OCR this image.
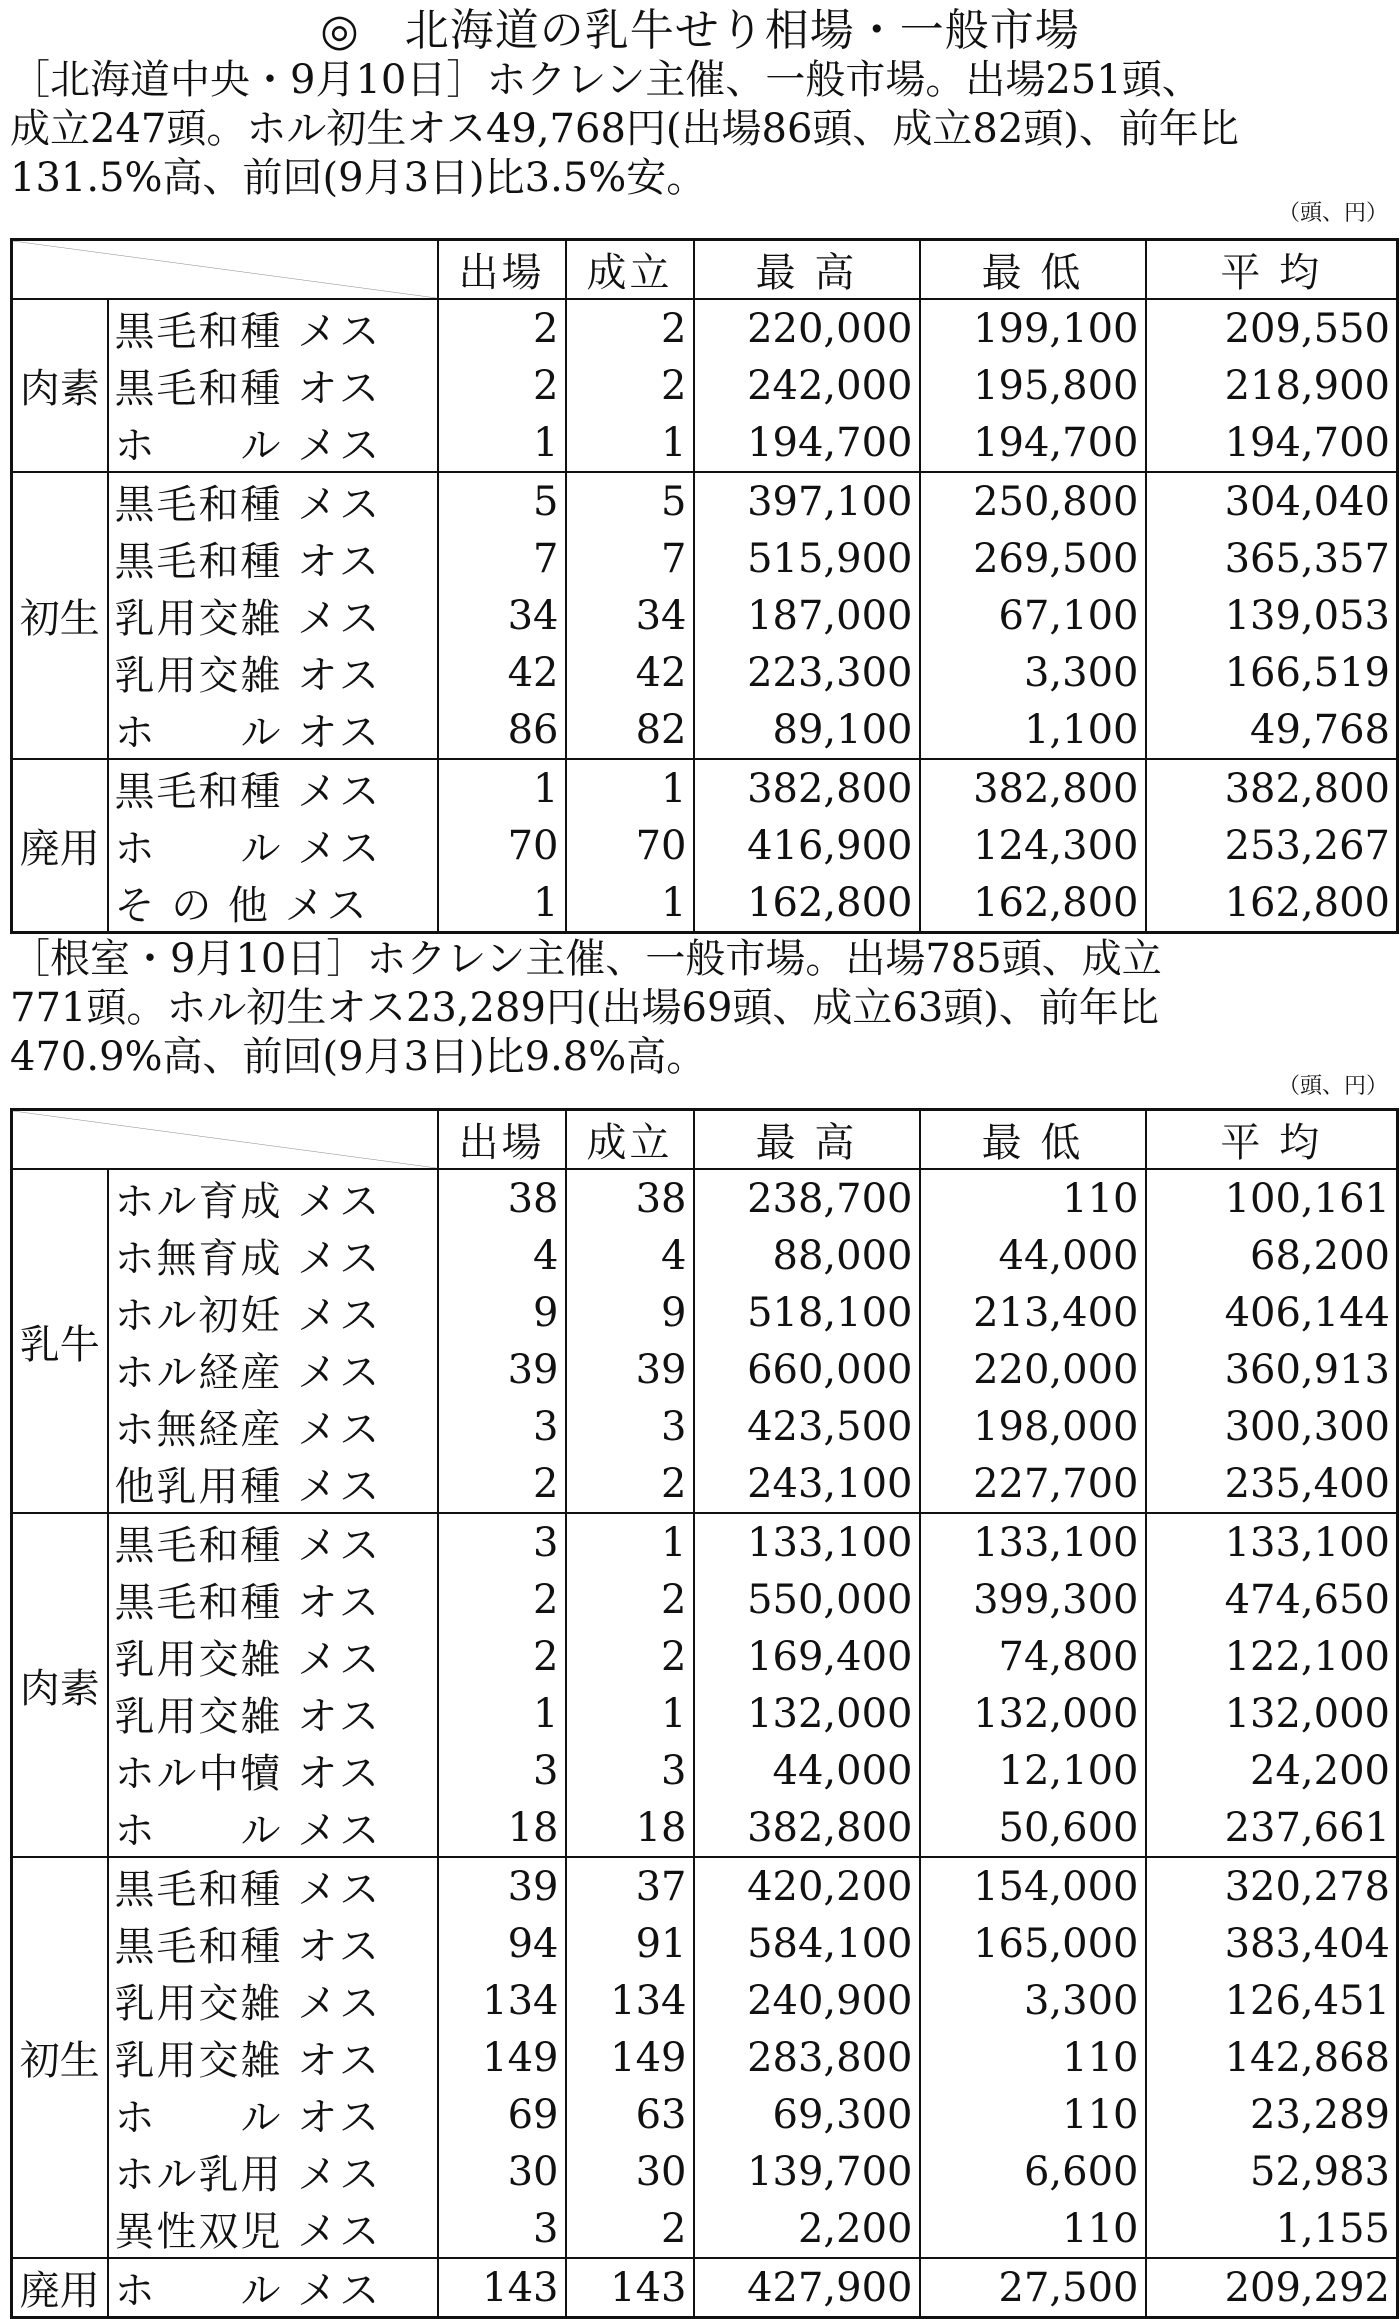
◎　北海道の乳牛せり相場・一般市場

［北海道中央・9月10日］ホクレン主催、一般市場。出場251頭、
成立247頭。ホル初生オス49,768円(出場86頭、成立82頭)、前年比
131.5%高、前回(9月3日)比3.5%安。

（頭、円）
	出場	成立	最 高	最 低	平 均
肉素	黒毛和種 メス	2	2	220,000	199,100	209,550
	黒毛和種 オス	2	2	242,000	195,800	218,900
	ホ　　ル メス	1	1	194,700	194,700	194,700
初生	黒毛和種 メス	5	5	397,100	250,800	304,040
	黒毛和種 オス	7	7	515,900	269,500	365,357
	乳用交雑 メス	34	34	187,000	67,100	139,053
	乳用交雑 オス	42	42	223,300	3,300	166,519
	ホ　　ル オス	86	82	89,100	1,100	49,768
廃用	黒毛和種 メス	1	1	382,800	382,800	382,800
	ホ　　ル メス	70	70	416,900	124,300	253,267
	そ の 他 メス	1	1	162,800	162,800	162,800

［根室・9月10日］ホクレン主催、一般市場。出場785頭、成立
771頭。ホル初生オス23,289円(出場69頭、成立63頭)、前年比
470.9%高、前回(9月3日)比9.8%高。

（頭、円）
	出場	成立	最 高	最 低	平 均
乳牛	ホル育成 メス	38	38	238,700	110	100,161
	ホ無育成 メス	4	4	88,000	44,000	68,200
	ホル初妊 メス	9	9	518,100	213,400	406,144
	ホル経産 メス	39	39	660,000	220,000	360,913
	ホ無経産 メス	3	3	423,500	198,000	300,300
	他乳用種 メス	2	2	243,100	227,700	235,400
肉素	黒毛和種 メス	3	1	133,100	133,100	133,100
	黒毛和種 オス	2	2	550,000	399,300	474,650
	乳用交雑 メス	2	2	169,400	74,800	122,100
	乳用交雑 オス	1	1	132,000	132,000	132,000
	ホル中犢 オス	3	3	44,000	12,100	24,200
	ホ　　ル メス	18	18	382,800	50,600	237,661
初生	黒毛和種 メス	39	37	420,200	154,000	320,278
	黒毛和種 オス	94	91	584,100	165,000	383,404
	乳用交雑 メス	134	134	240,900	3,300	126,451
	乳用交雑 オス	149	149	283,800	110	142,868
	ホ　　ル オス	69	63	69,300	110	23,289
	ホル乳用 メス	30	30	139,700	6,600	52,983
	異性双児 メス	3	2	2,200	110	1,155
廃用	ホ　　ル メス	143	143	427,900	27,500	209,292
